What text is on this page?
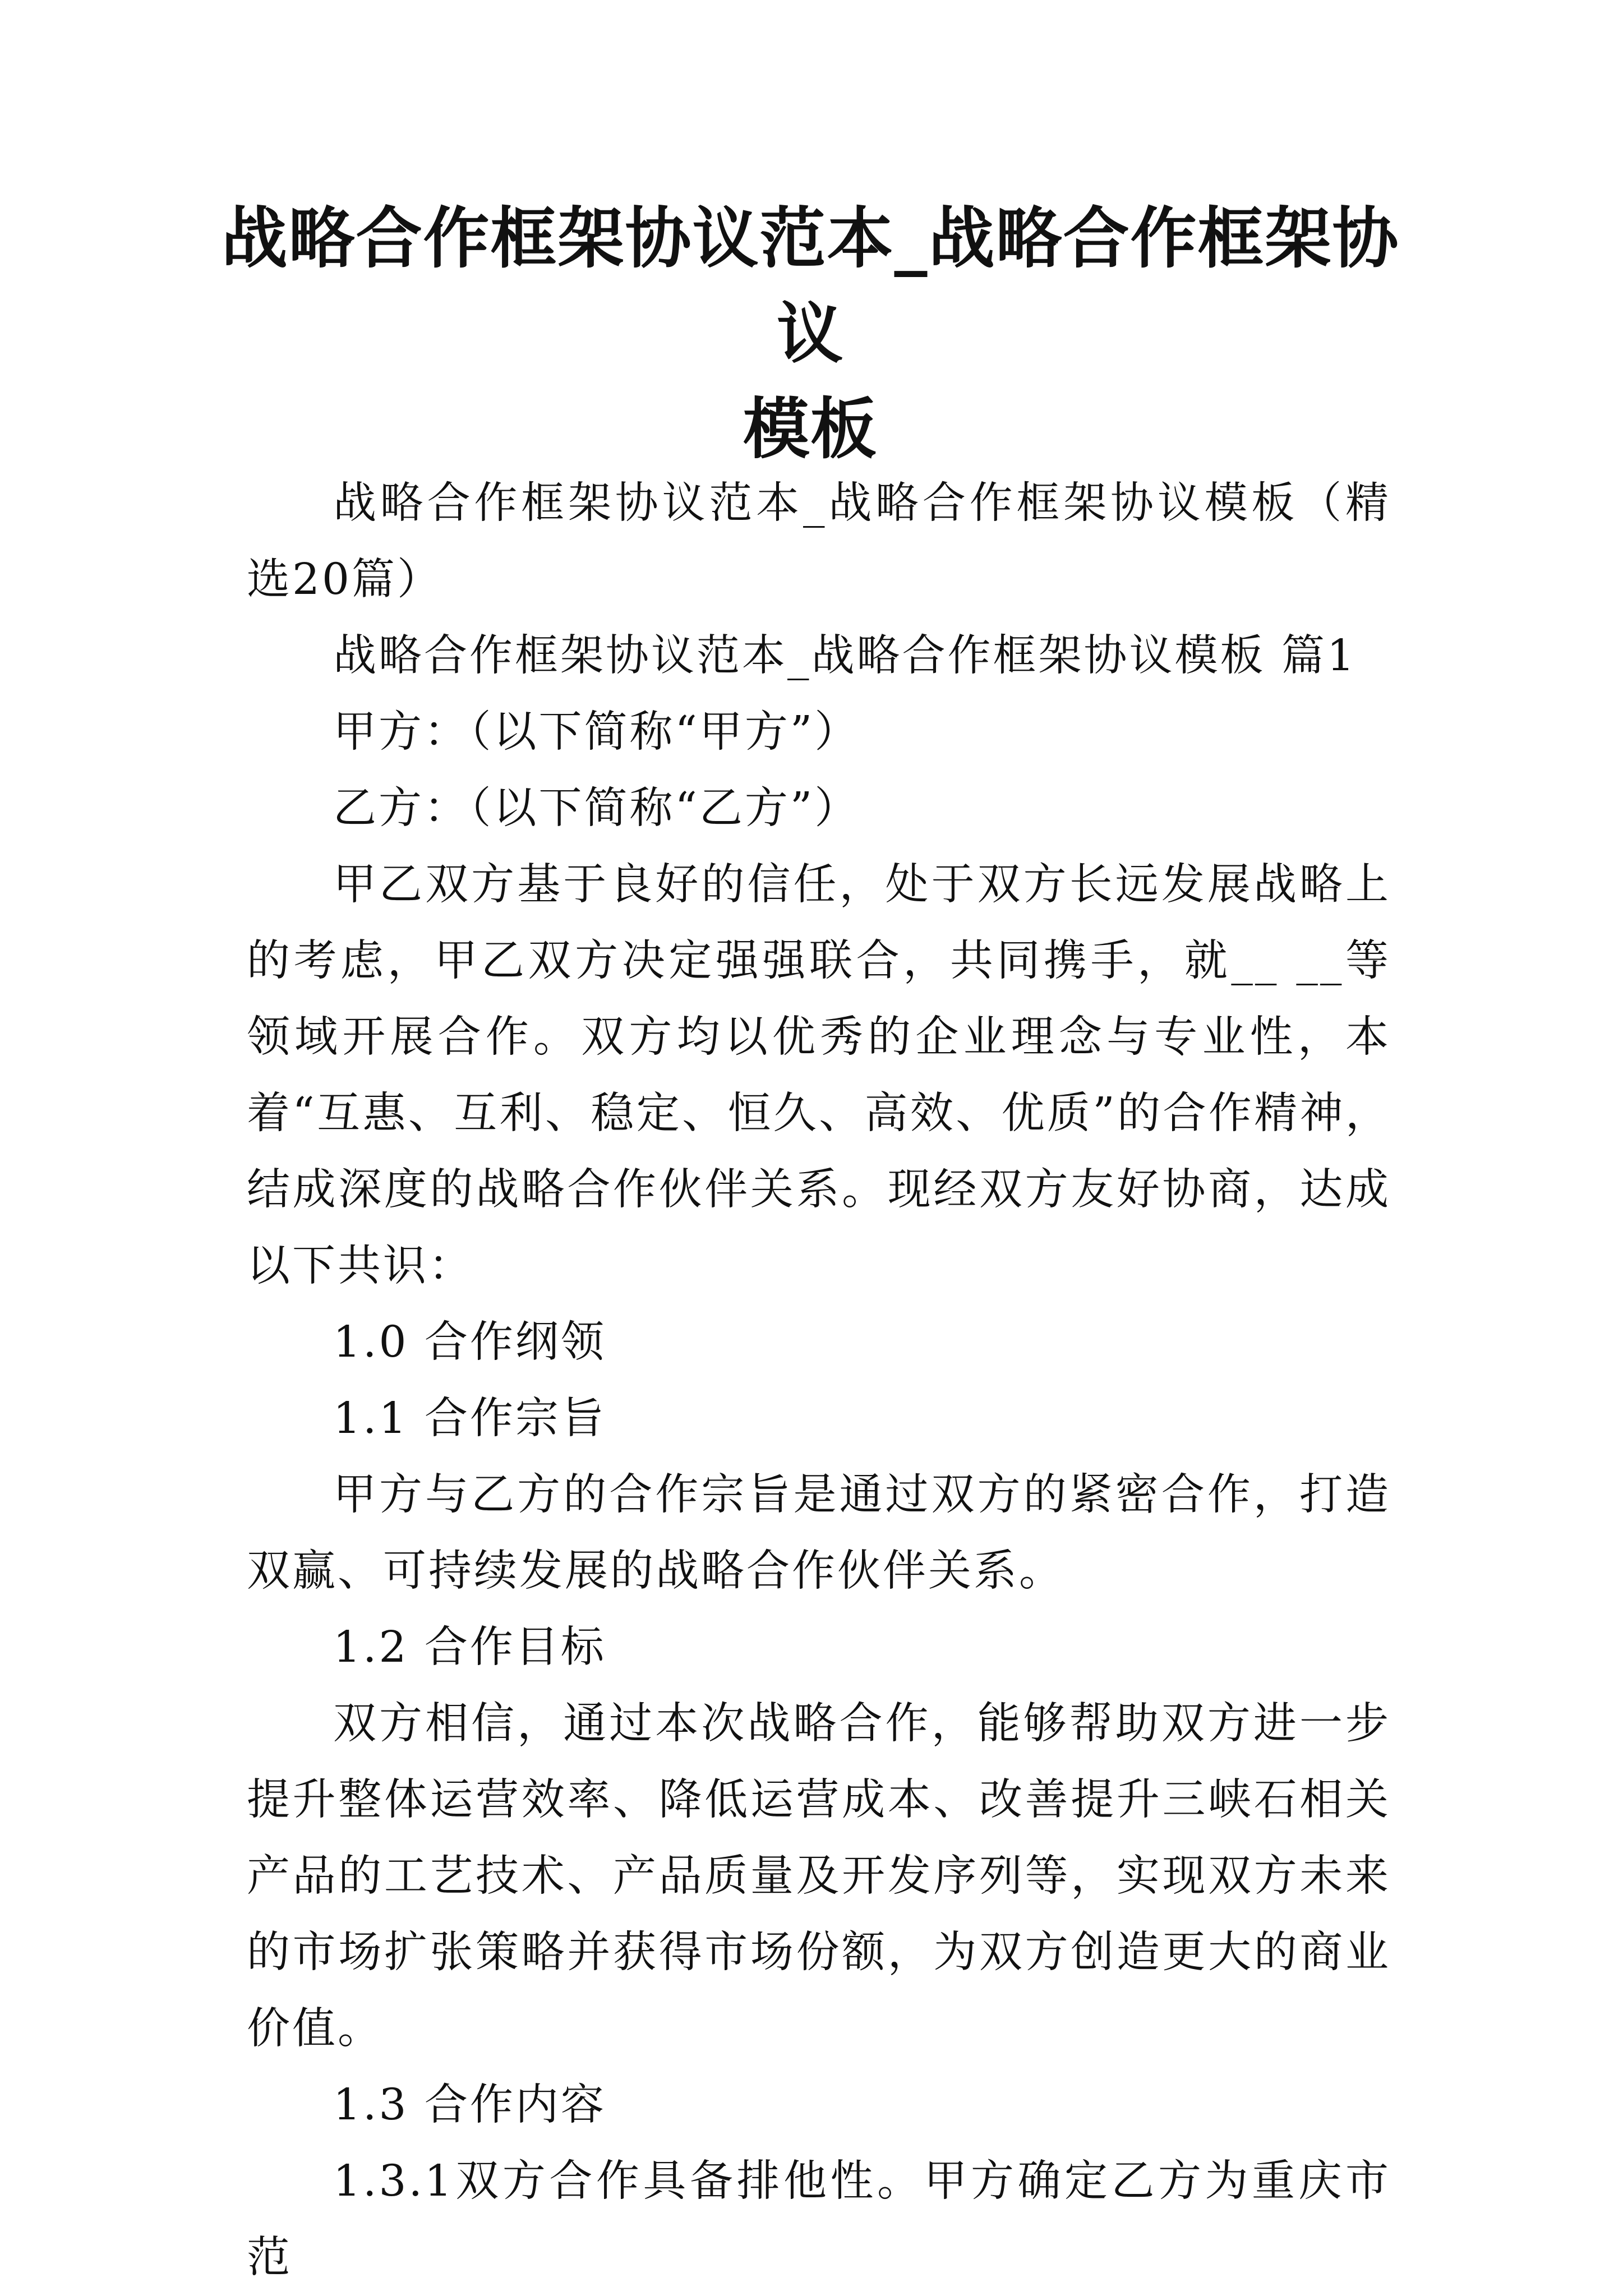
战略合作框架协议范本_战略合作框架协议
模板

战略合作框架协议范本_战略合作框架协议模板（精选20篇）

战略合作框架协议范本_战略合作框架协议模板 篇1

甲方：（以下简称“甲方”）

乙方：（以下简称“乙方”）

甲乙双方基于良好的信任，处于双方长远发展战略上的考虑，甲乙双方决定强强联合，共同携手，就__ __等领域开展合作。双方均以优秀的企业理念与专业性，本着“互惠、互利、稳定、恒久、高效、优质”的合作精神，结成深度的战略合作伙伴关系。现经双方友好协商，达成以下共识：

1.0 合作纲领

1.1 合作宗旨

甲方与乙方的合作宗旨是通过双方的紧密合作，打造双赢、可持续发展的战略合作伙伴关系。

1.2 合作目标

双方相信，通过本次战略合作，能够帮助双方进一步提升整体运营效率、降低运营成本、改善提升三峡石相关产品的工艺技术、产品质量及开发序列等，实现双方未来的市场扩张策略并获得市场份额，为双方创造更大的商业价值。

1.3 合作内容

1.3.1双方合作具备排他性。甲方确定乙方为重庆市范
